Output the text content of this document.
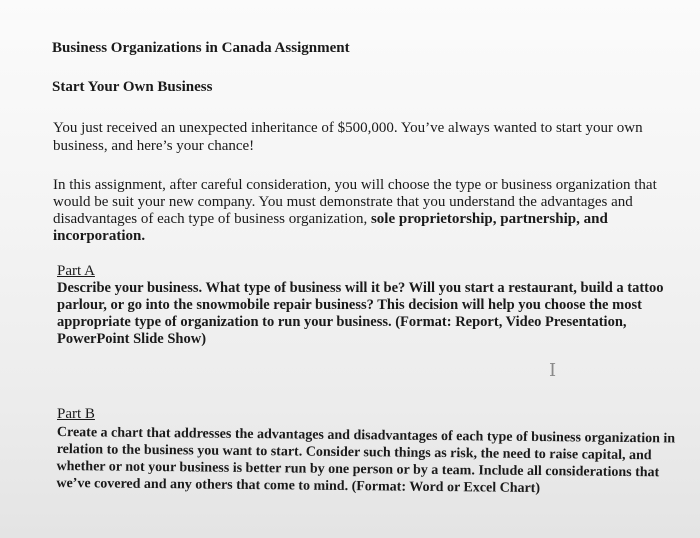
Business Organizations in Canada Assignment
Start Your Own Business
You just received an unexpected inheritance of $500,000. You’ve always wanted to start your own business, and here’s your chance!
In this assignment, after careful consideration, you will choose the type or business organization that would be suit your new company. You must demonstrate that you understand the advantages and disadvantages of each type of business organization, sole proprietorship, partnership, and incorporation.
Part A
Describe your business. What type of business will it be? Will you start a restaurant, build a tattoo parlour, or go into the snowmobile repair business? This decision will help you choose the most appropriate type of organization to run your business. (Format: Report, Video Presentation, PowerPoint Slide Show)
I
Part B
Create a chart that addresses the advantages and disadvantages of each type of business organization in relation to the business you want to start. Consider such things as risk, the need to raise capital, and whether or not your business is better run by one person or by a team. Include all considerations that we’ve covered and any others that come to mind. (Format: Word or Excel Chart)
